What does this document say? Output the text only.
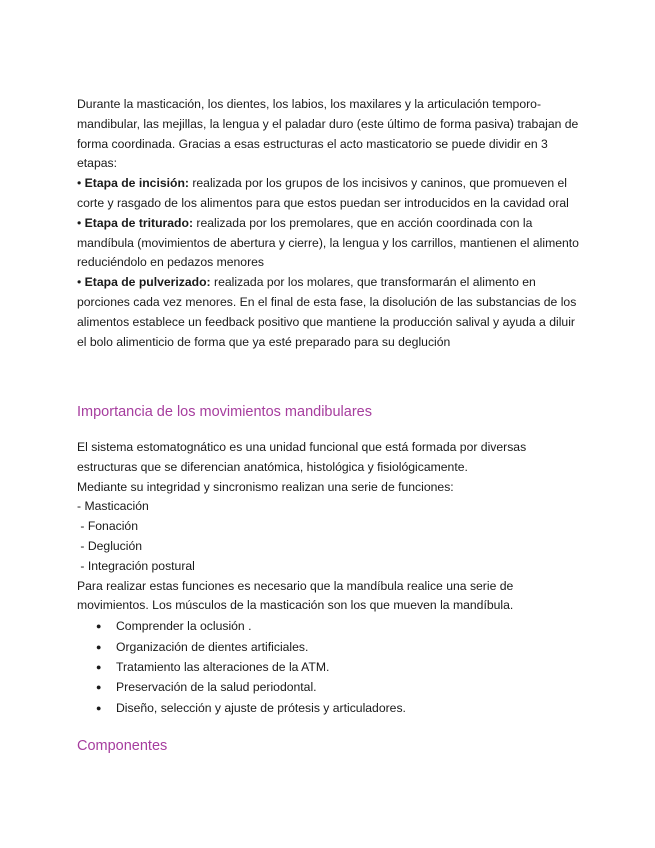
Durante la masticación, los dientes, los labios, los maxilares y la articulación temporo-mandibular, las mejillas, la lengua y el paladar duro (este último de forma pasiva) trabajan de forma coordinada. Gracias a esas estructuras el acto masticatorio se puede dividir en 3 etapas:

• Etapa de incisión: realizada por los grupos de los incisivos y caninos, que promueven el corte y rasgado de los alimentos para que estos puedan ser introducidos en la cavidad oral

• Etapa de triturado: realizada por los premolares, que en acción coordinada con la mandíbula (movimientos de abertura y cierre), la lengua y los carrillos, mantienen el alimento reduciéndolo en pedazos menores

• Etapa de pulverizado: realizada por los molares, que transformarán el alimento en porciones cada vez menores. En el final de esta fase, la disolución de las substancias de los alimentos establece un feedback positivo que mantiene la producción salival y ayuda a diluir el bolo alimenticio de forma que ya esté preparado para su deglución

Importancia de los movimientos mandibulares

El sistema estomatognático es una unidad funcional que está formada por diversas estructuras que se diferencian anatómica, histológica y fisiológicamente.

Mediante su integridad y sincronismo realizan una serie de funciones:

- Masticación

- Fonación

- Deglución

- Integración postural

Para realizar estas funciones es necesario que la mandíbula realice una serie de movimientos. Los músculos de la masticación son los que mueven la mandíbula.

● Comprender la oclusión .

● Organización de dientes artificiales.

● Tratamiento las alteraciones de la ATM.

● Preservación de la salud periodontal.

● Diseño, selección y ajuste de prótesis y articuladores.

Componentes
